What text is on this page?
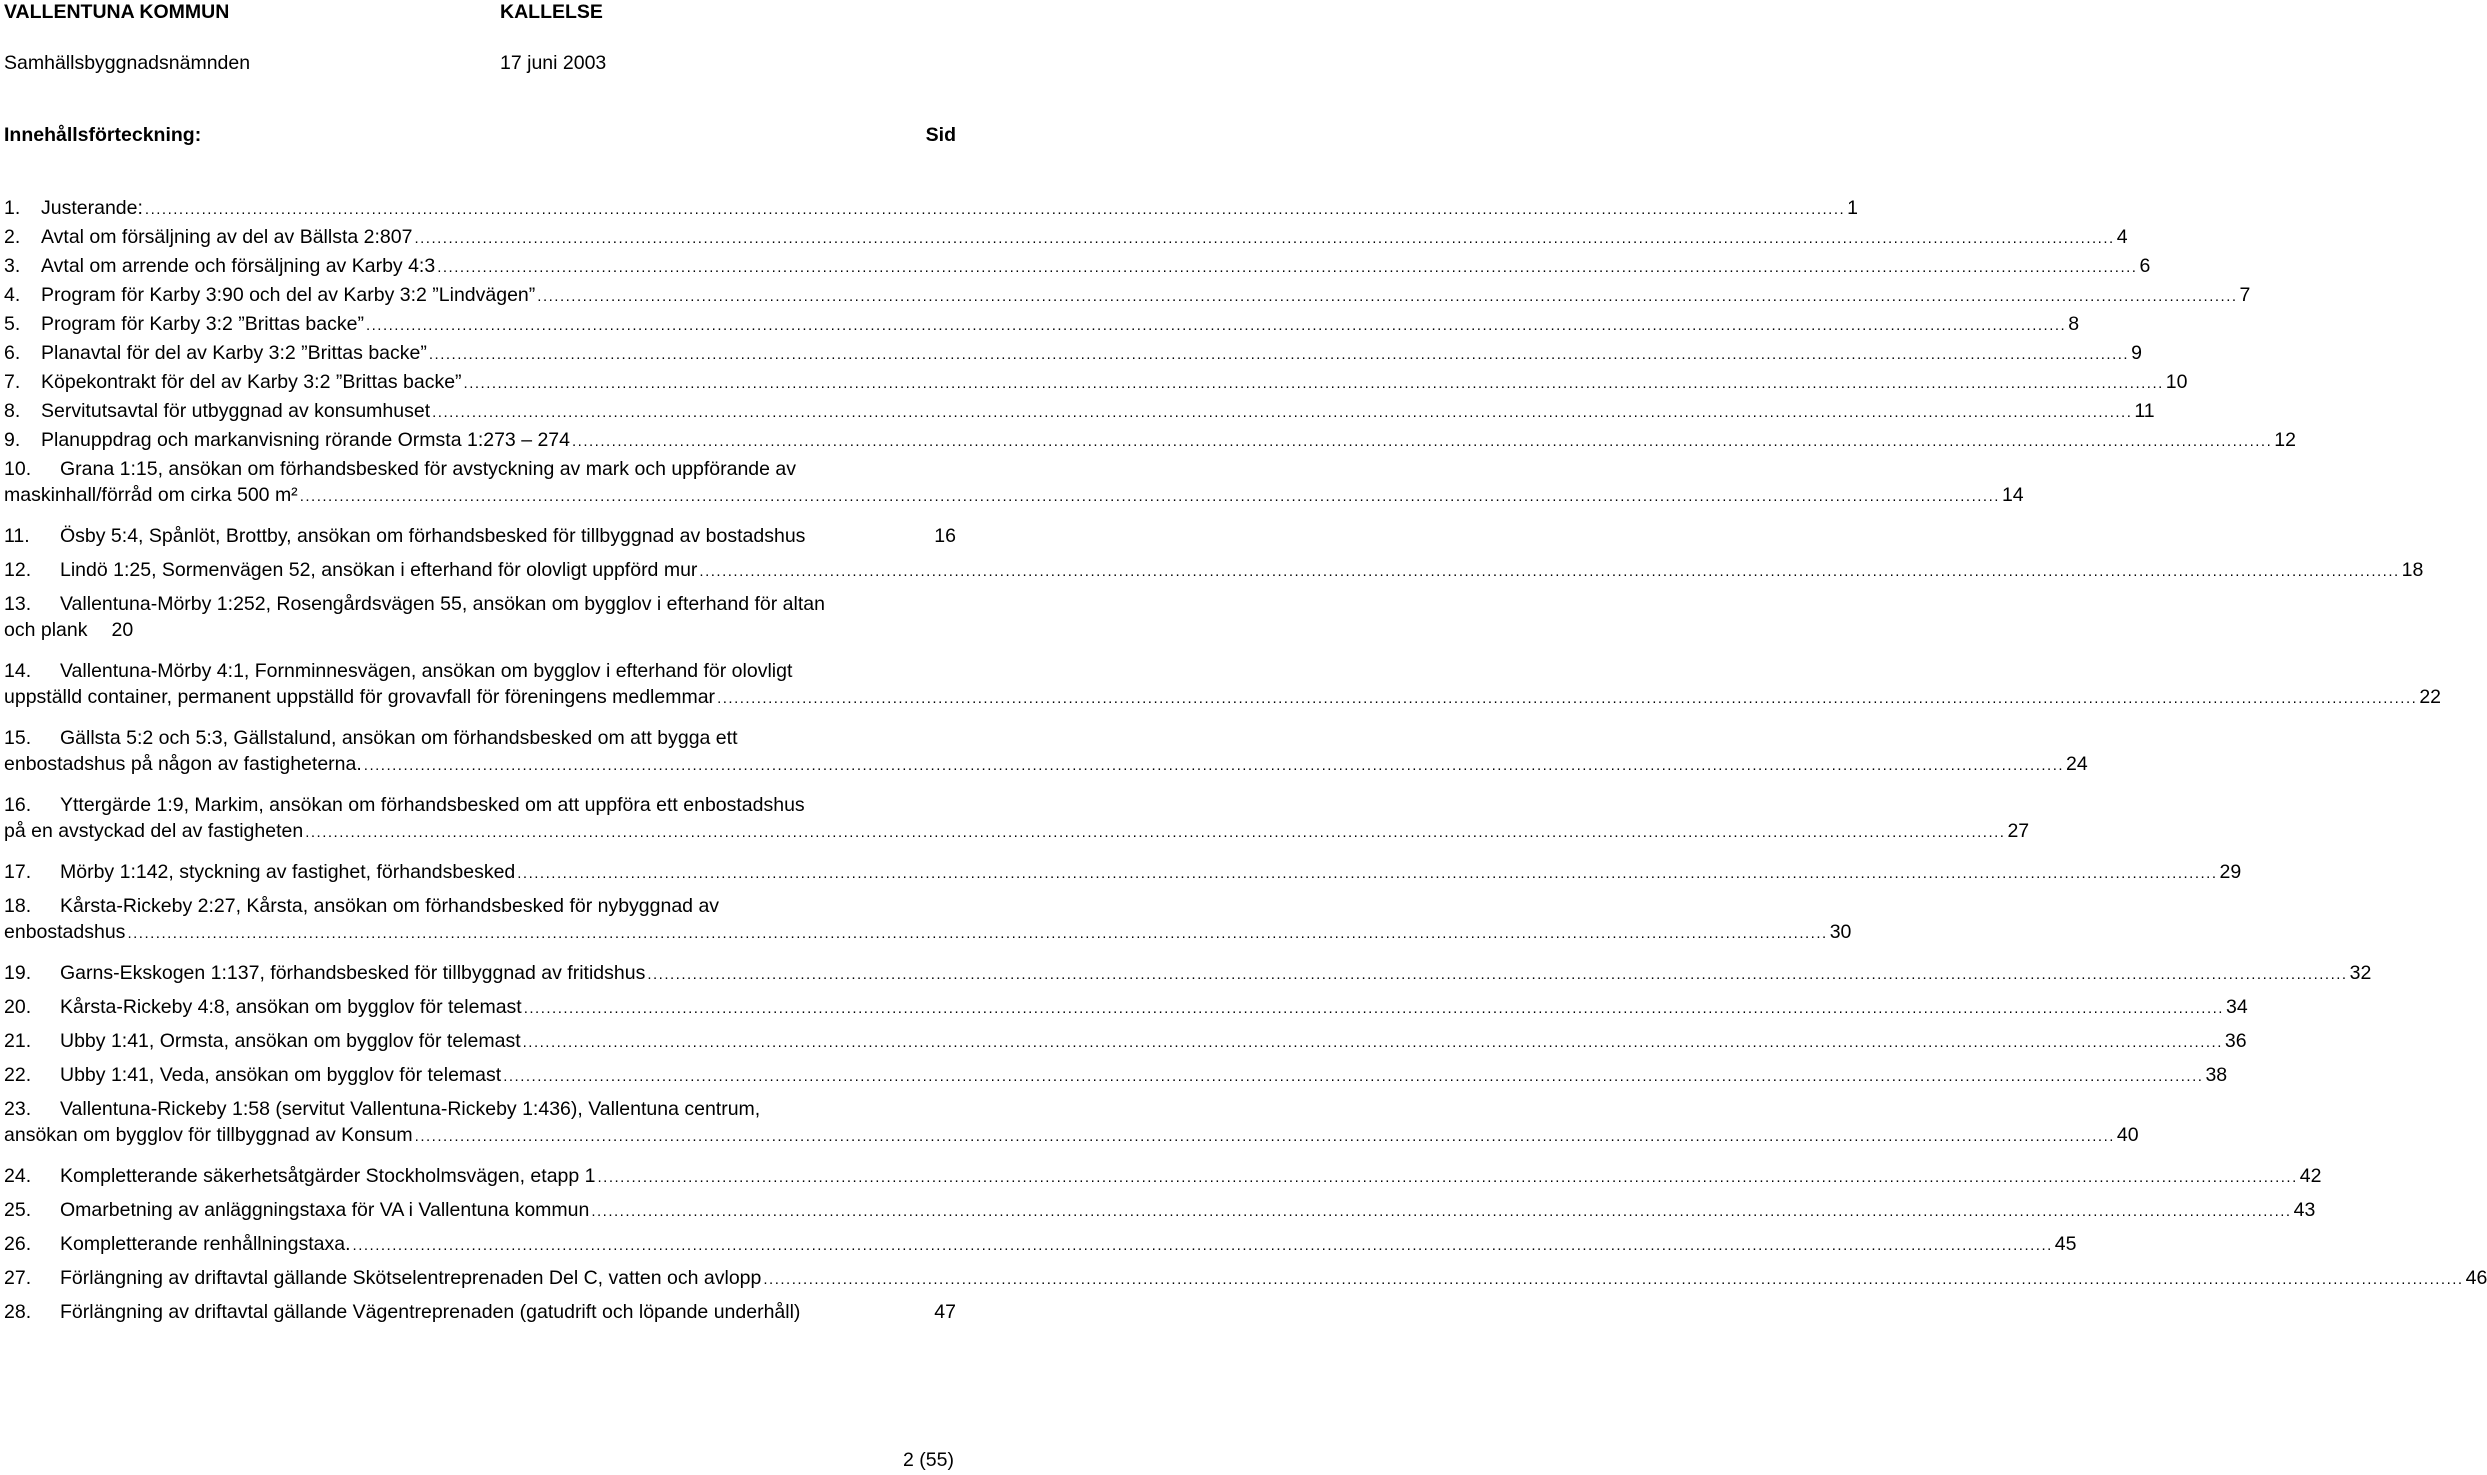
VALLENTUNA KOMMUN	KALLELSE
Samhällsbyggnadsnämnden	17 juni 2003
Innehållsförteckning:	Sid
1. Justerande: ............................................................................................................................................................................................................................................................................................................ 1
2. Avtal om försäljning av del av Bällsta 2:807 ............................................................................................................................................................................................................................................................................................................ 4
3. Avtal om arrende och försäljning av Karby 4:3 ............................................................................................................................................................................................................................................................................................................ 6
4. Program för Karby 3:90 och del av Karby 3:2 ”Lindvägen” ............................................................................................................................................................................................................................................................................................................ 7
5. Program för Karby 3:2 ”Brittas backe” ............................................................................................................................................................................................................................................................................................................ 8
6. Planavtal för del av Karby 3:2 ”Brittas backe” ............................................................................................................................................................................................................................................................................................................ 9
7. Köpekontrakt för del av Karby 3:2 ”Brittas backe” ............................................................................................................................................................................................................................................................................................................ 10
8. Servitutsavtal för utbyggnad av konsumhuset ............................................................................................................................................................................................................................................................................................................ 11
9. Planuppdrag och markanvisning rörande Ormsta 1:273 – 274 ............................................................................................................................................................................................................................................................................................................ 12
10. Grana 1:15, ansökan om förhandsbesked för avstyckning av mark och uppförande av
maskinhall/förråd om cirka 500 m² ............................................................................................................................................................................................................................................................................................................ 14
11. Ösby 5:4, Spånlöt, Brottby, ansökan om förhandsbesked för tillbyggnad av bostadshus	16
12. Lindö 1:25, Sormenvägen 52, ansökan i efterhand för olovligt uppförd mur ............................................................................................................................................................................................................................................................................................................ 18
13. Vallentuna-Mörby 1:252, Rosengårdsvägen 55, ansökan om bygglov i efterhand för altan
och plank 20
14. Vallentuna-Mörby 4:1, Fornminnesvägen, ansökan om bygglov i efterhand för olovligt
uppställd container, permanent uppställd för grovavfall för föreningens medlemmar ............................................................................................................................................................................................................................................................................................................ 22
15. Gällsta 5:2 och 5:3, Gällstalund, ansökan om förhandsbesked om att bygga ett
enbostadshus på någon av fastigheterna. ............................................................................................................................................................................................................................................................................................................ 24
16. Yttergärde 1:9, Markim, ansökan om förhandsbesked om att uppföra ett enbostadshus
på en avstyckad del av fastigheten ............................................................................................................................................................................................................................................................................................................ 27
17. Mörby 1:142, styckning av fastighet, förhandsbesked ............................................................................................................................................................................................................................................................................................................ 29
18. Kårsta-Rickeby 2:27, Kårsta, ansökan om förhandsbesked för nybyggnad av
enbostadshus ............................................................................................................................................................................................................................................................................................................ 30
19. Garns-Ekskogen 1:137, förhandsbesked för tillbyggnad av fritidshus ............................................................................................................................................................................................................................................................................................................ 32
20. Kårsta-Rickeby 4:8, ansökan om bygglov för telemast ............................................................................................................................................................................................................................................................................................................ 34
21. Ubby 1:41, Ormsta, ansökan om bygglov för telemast ............................................................................................................................................................................................................................................................................................................ 36
22. Ubby 1:41, Veda, ansökan om bygglov för telemast ............................................................................................................................................................................................................................................................................................................ 38
23. Vallentuna-Rickeby 1:58 (servitut Vallentuna-Rickeby 1:436), Vallentuna centrum,
ansökan om bygglov för tillbyggnad av Konsum ............................................................................................................................................................................................................................................................................................................ 40
24. Kompletterande säkerhetsåtgärder Stockholmsvägen, etapp 1 ............................................................................................................................................................................................................................................................................................................ 42
25. Omarbetning av anläggningstaxa för VA i Vallentuna kommun ............................................................................................................................................................................................................................................................................................................ 43
26. Kompletterande renhållningstaxa. ............................................................................................................................................................................................................................................................................................................ 45
27. Förlängning av driftavtal gällande Skötselentreprenaden Del C, vatten och avlopp ............................................................................................................................................................................................................................................................................................................ 46
28. Förlängning av driftavtal gällande Vägentreprenaden (gatudrift och löpande underhåll)	47
2 (55)
